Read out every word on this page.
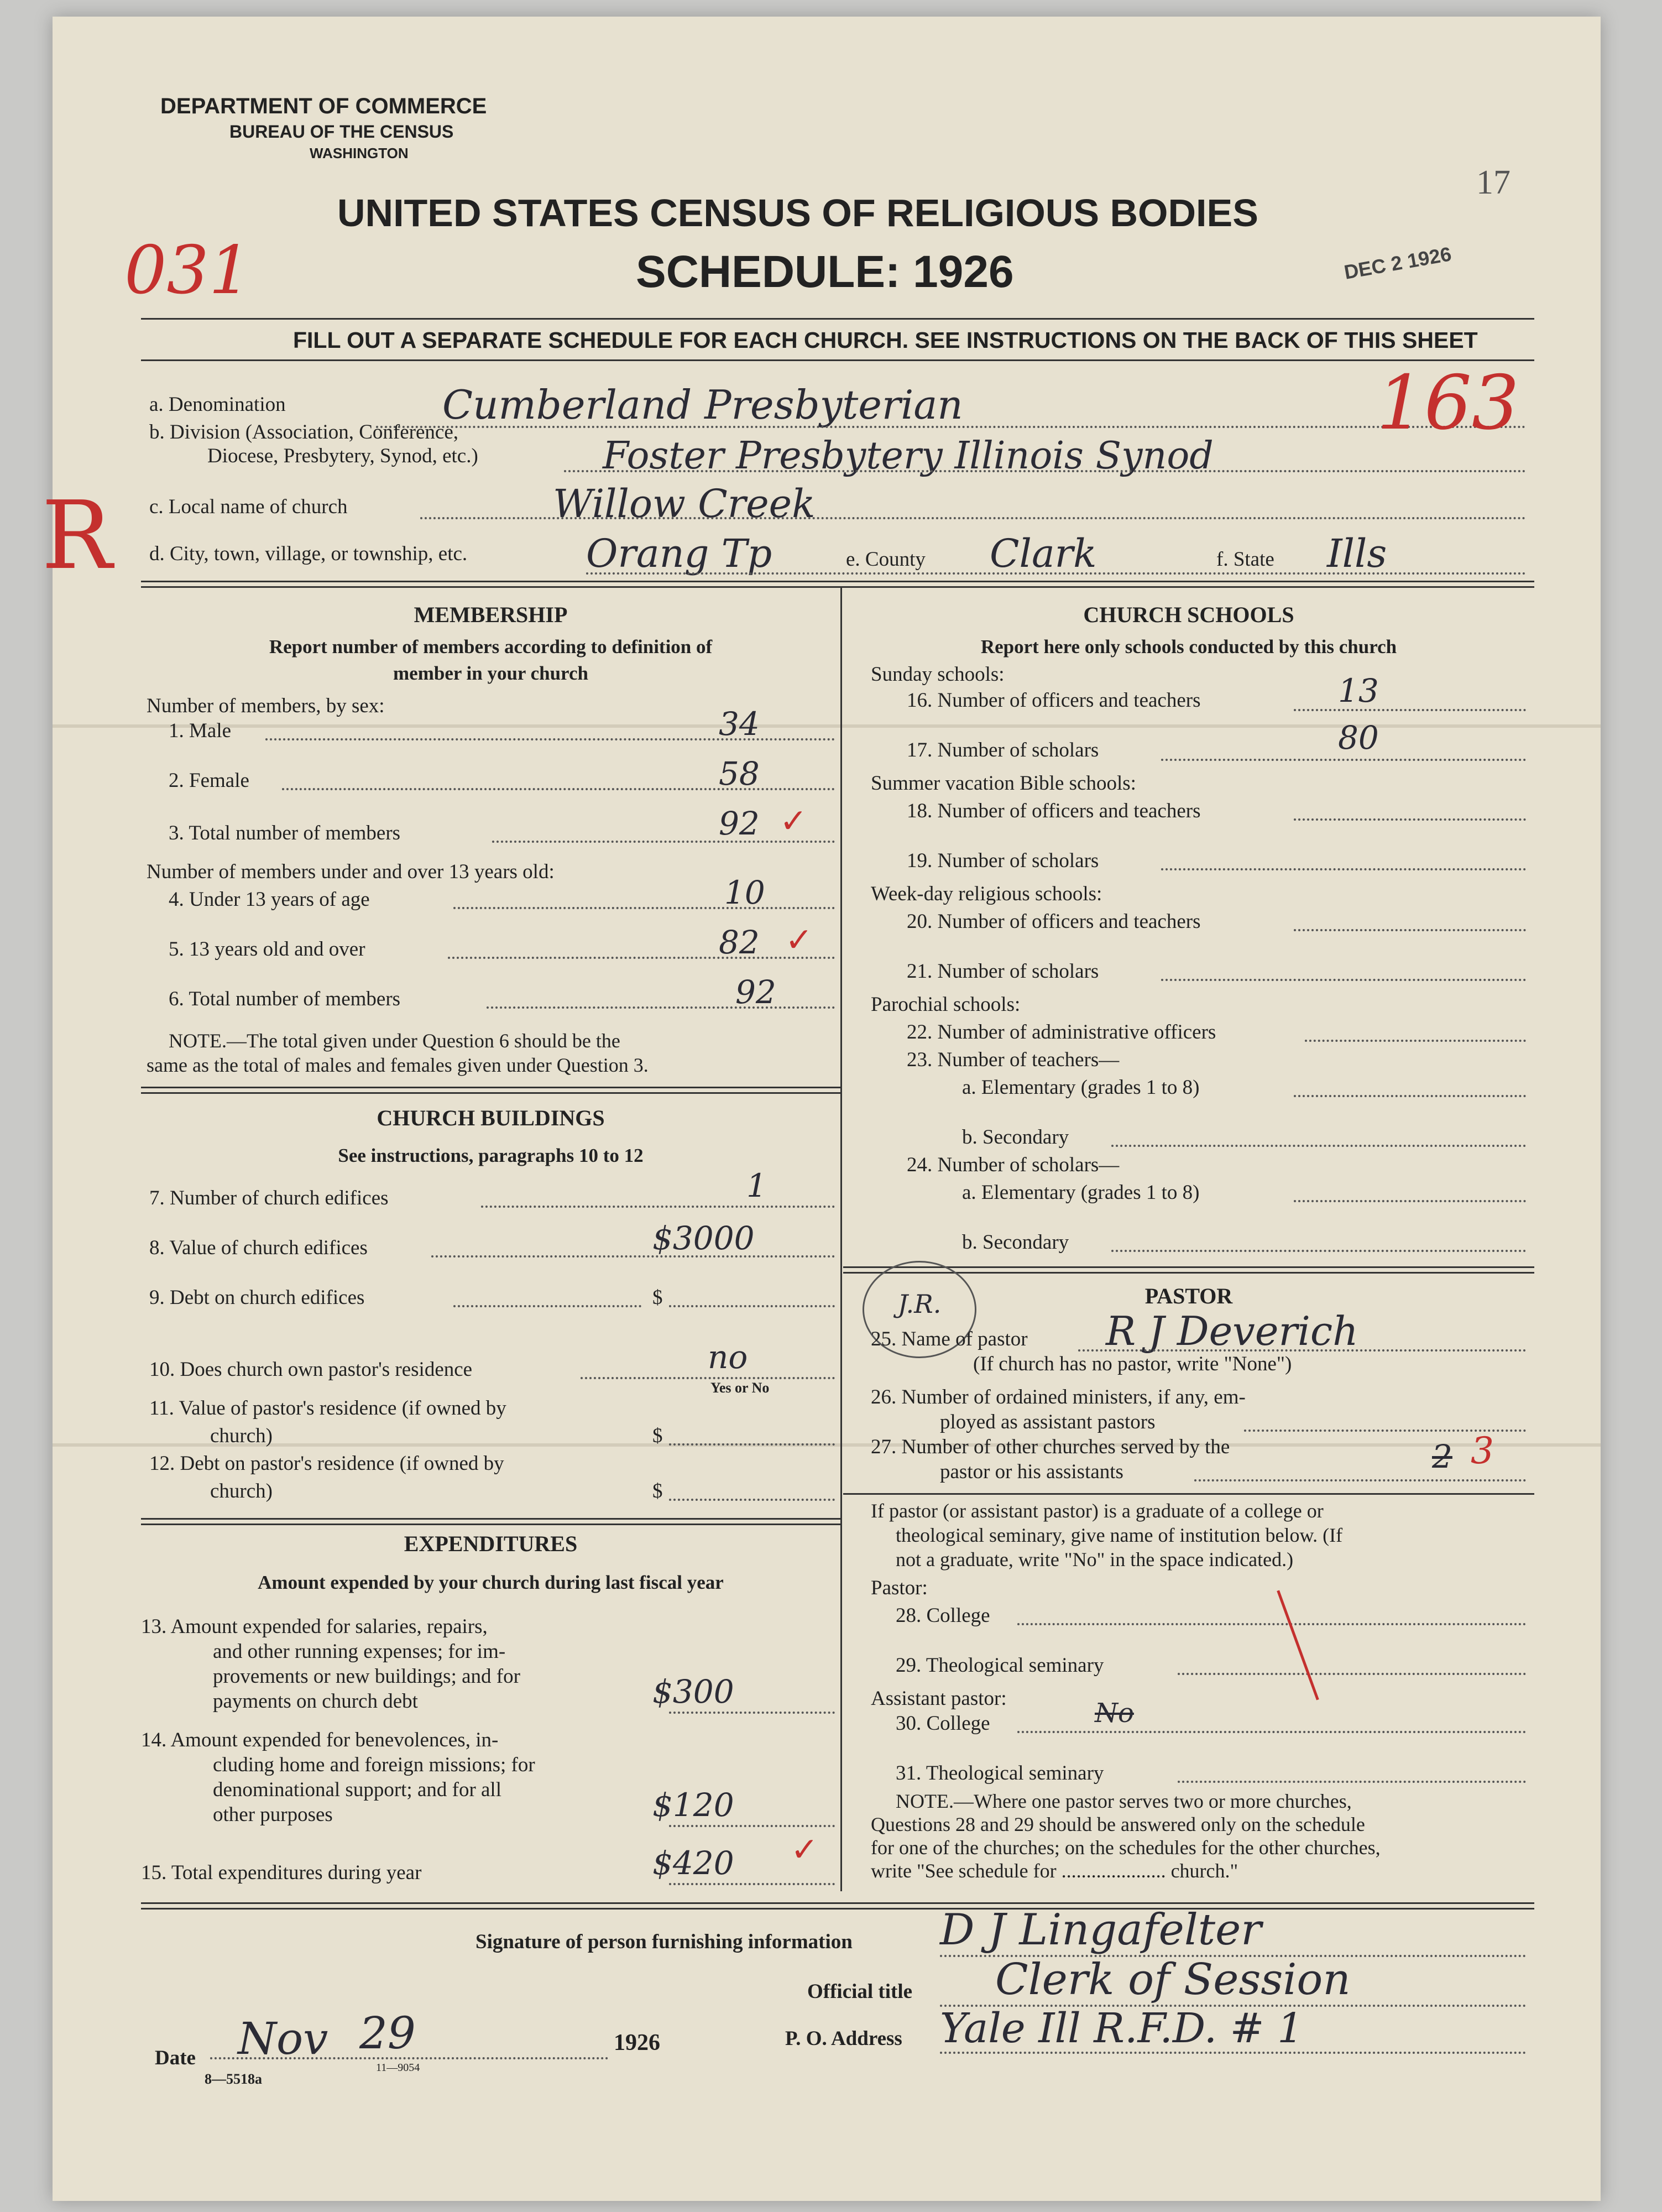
DEPARTMENT OF COMMERCE
BUREAU OF THE CENSUS
WASHINGTON
UNITED STATES CENSUS OF RELIGIOUS BODIES
SCHEDULE: 1926
031	DEC 2 1926
17
FILL OUT A SEPARATE SCHEDULE FOR EACH CHURCH. SEE INSTRUCTIONS ON THE BACK OF THIS SHEET
a. Denomination	Cumberland Presbyterian	163
b. Division (Association, Conference,
Diocese, Presbytery, Synod, etc.)	Foster Presbytery Illinois Synod
c. Local name of church	Willow Creek
R d. City, town, village, or township, etc.	Orang Tp	e. County Clark	f. State Ills
MEMBERSHIP
Report number of members according to definition of
member in your church
Number of members, by sex:
1. Male	34
2. Female	58
3. Total number of members	92 ✓
Number of members under and over 13 years old:
4. Under 13 years of age	10
5. 13 years old and over	82 ✓
6. Total number of members	92
NOTE.—The total given under Question 6 should be the
same as the total of males and females given under Question 3.
CHURCH BUILDINGS
See instructions, paragraphs 10 to 12
7. Number of church edifices	1
8. Value of church edifices	$3000
9. Debt on church edifices	$
10. Does church own pastor's residence	no
Yes or No
11. Value of pastor's residence (if owned by
church)	$
12. Debt on pastor's residence (if owned by
church)	$
EXPENDITURES
Amount expended by your church during last fiscal year
13. Amount expended for salaries, repairs,
and other running expenses; for im-
provements or new buildings; and for
payments on church debt	$300
14. Amount expended for benevolences, in-
cluding home and foreign missions; for
denominational support; and for all
other purposes	$120
15. Total expenditures during year	$420 ✓
CHURCH SCHOOLS
Report here only schools conducted by this church
Sunday schools:
16. Number of officers and teachers	13
17. Number of scholars	80
Summer vacation Bible schools:
18. Number of officers and teachers
19. Number of scholars
Week-day religious schools:
20. Number of officers and teachers
21. Number of scholars
Parochial schools:
22. Number of administrative officers
23. Number of teachers—
a. Elementary (grades 1 to 8)
b. Secondary
24. Number of scholars—
a. Elementary (grades 1 to 8)
b. Secondary
PASTOR
J.R.
25. Name of pastor R J Deverich
(If church has no pastor, write "None")
26. Number of ordained ministers, if any, em-
ployed as assistant pastors
27. Number of other churches served by the
pastor or his assistants	2 3
If pastor (or assistant pastor) is a graduate of a college or
theological seminary, give name of institution below. (If
not a graduate, write "No" in the space indicated.)
Pastor:
28. College
29. Theological seminary
Assistant pastor:
30. College	No
31. Theological seminary
NOTE.—Where one pastor serves two or more churches,
Questions 28 and 29 should be answered only on the schedule
for one of the churches; on the schedules for the other churches,
write "See schedule for ..................... church."
Signature of person furnishing information D J Lingafelter
Official title Clerk of Session
P. O. Address Yale Ill R.F.D. # 1
Date Nov 29	1926
8—5518a
11—9054
